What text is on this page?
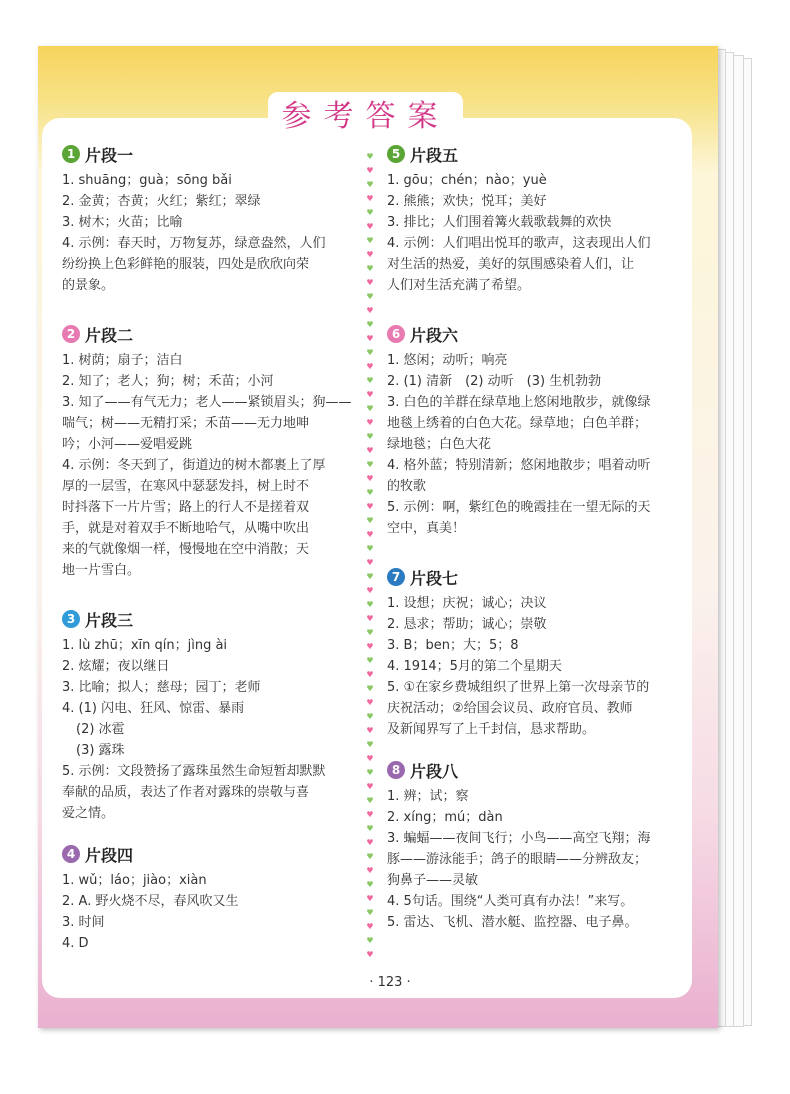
参考答案
♥
♥
♥
♥
♥
♥
♥
♥
♥
♥
♥
♥
♥
♥
♥
♥
♥
♥
♥
♥
♥
♥
♥
♥
♥
♥
♥
♥
♥
♥
♥
♥
♥
♥
♥
♥
♥
♥
♥
♥
♥
♥
♥
♥
♥
♥
♥
♥
♥
♥
♥
♥
♥
♥
♥
♥
♥
♥
1 片段一
1. shuāng；guà；sōng bǎi
2. 金黄；杏黄；火红；紫红；翠绿
3. 树木；火苗；比喻
4. 示例：春天时，万物复苏，绿意盎然，人们
纷纷换上色彩鲜艳的服装，四处是欣欣向荣
的景象。
2 片段二
1. 树荫；扇子；洁白
2. 知了；老人；狗；树；禾苗；小河
3. 知了——有气无力；老人——紧锁眉头；狗——
喘气；树——无精打采；禾苗——无力地呻
吟；小河——爱唱爱跳
4. 示例：冬天到了，街道边的树木都裹上了厚
厚的一层雪，在寒风中瑟瑟发抖，树上时不
时抖落下一片片雪；路上的行人不是搓着双
手，就是对着双手不断地哈气，从嘴中吹出
来的气就像烟一样，慢慢地在空中消散；天
地一片雪白。
3 片段三
1. lù zhū；xīn qín；jìng ài
2. 炫耀；夜以继日
3. 比喻；拟人；慈母；园丁；老师
4. (1) 闪电、狂风、惊雷、暴雨
(2) 冰雹
(3) 露珠
5. 示例：文段赞扬了露珠虽然生命短暂却默默
奉献的品质，表达了作者对露珠的崇敬与喜
爱之情。
4 片段四
1. wǔ；láo；jiào；xiàn
2. A. 野火烧不尽，春风吹又生
3. 时间
4. D
5 片段五
1. gōu；chén；nào；yuè
2. 熊熊；欢快；悦耳；美好
3. 排比；人们围着篝火载歌载舞的欢快
4. 示例：人们唱出悦耳的歌声，这表现出人们
对生活的热爱，美好的氛围感染着人们，让
人们对生活充满了希望。
6 片段六
1. 悠闲；动听；响亮
2. (1) 清新　(2) 动听　(3) 生机勃勃
3. 白色的羊群在绿草地上悠闲地散步，就像绿
地毯上绣着的白色大花。绿草地；白色羊群；
绿地毯；白色大花
4. 格外蓝；特别清新；悠闲地散步；唱着动听
的牧歌
5. 示例：啊，紫红色的晚霞挂在一望无际的天
空中，真美！
7 片段七
1. 设想；庆祝；诚心；决议
2. 恳求；帮助；诚心；崇敬
3. B；ben；大；5；8
4. 1914；5月的第二个星期天
5. ①在家乡费城组织了世界上第一次母亲节的
庆祝活动；②给国会议员、政府官员、教师
及新闻界写了上千封信，恳求帮助。
8 片段八
1. 辨；试；察
2. xíng；mú；dàn
3. 蝙蝠——夜间飞行；小鸟——高空飞翔；海
豚——游泳能手；鸽子的眼睛——分辨敌友；
狗鼻子——灵敏
4. 5句话。围绕“人类可真有办法！”来写。
5. 雷达、飞机、潜水艇、监控器、电子鼻。
· 123 ·
